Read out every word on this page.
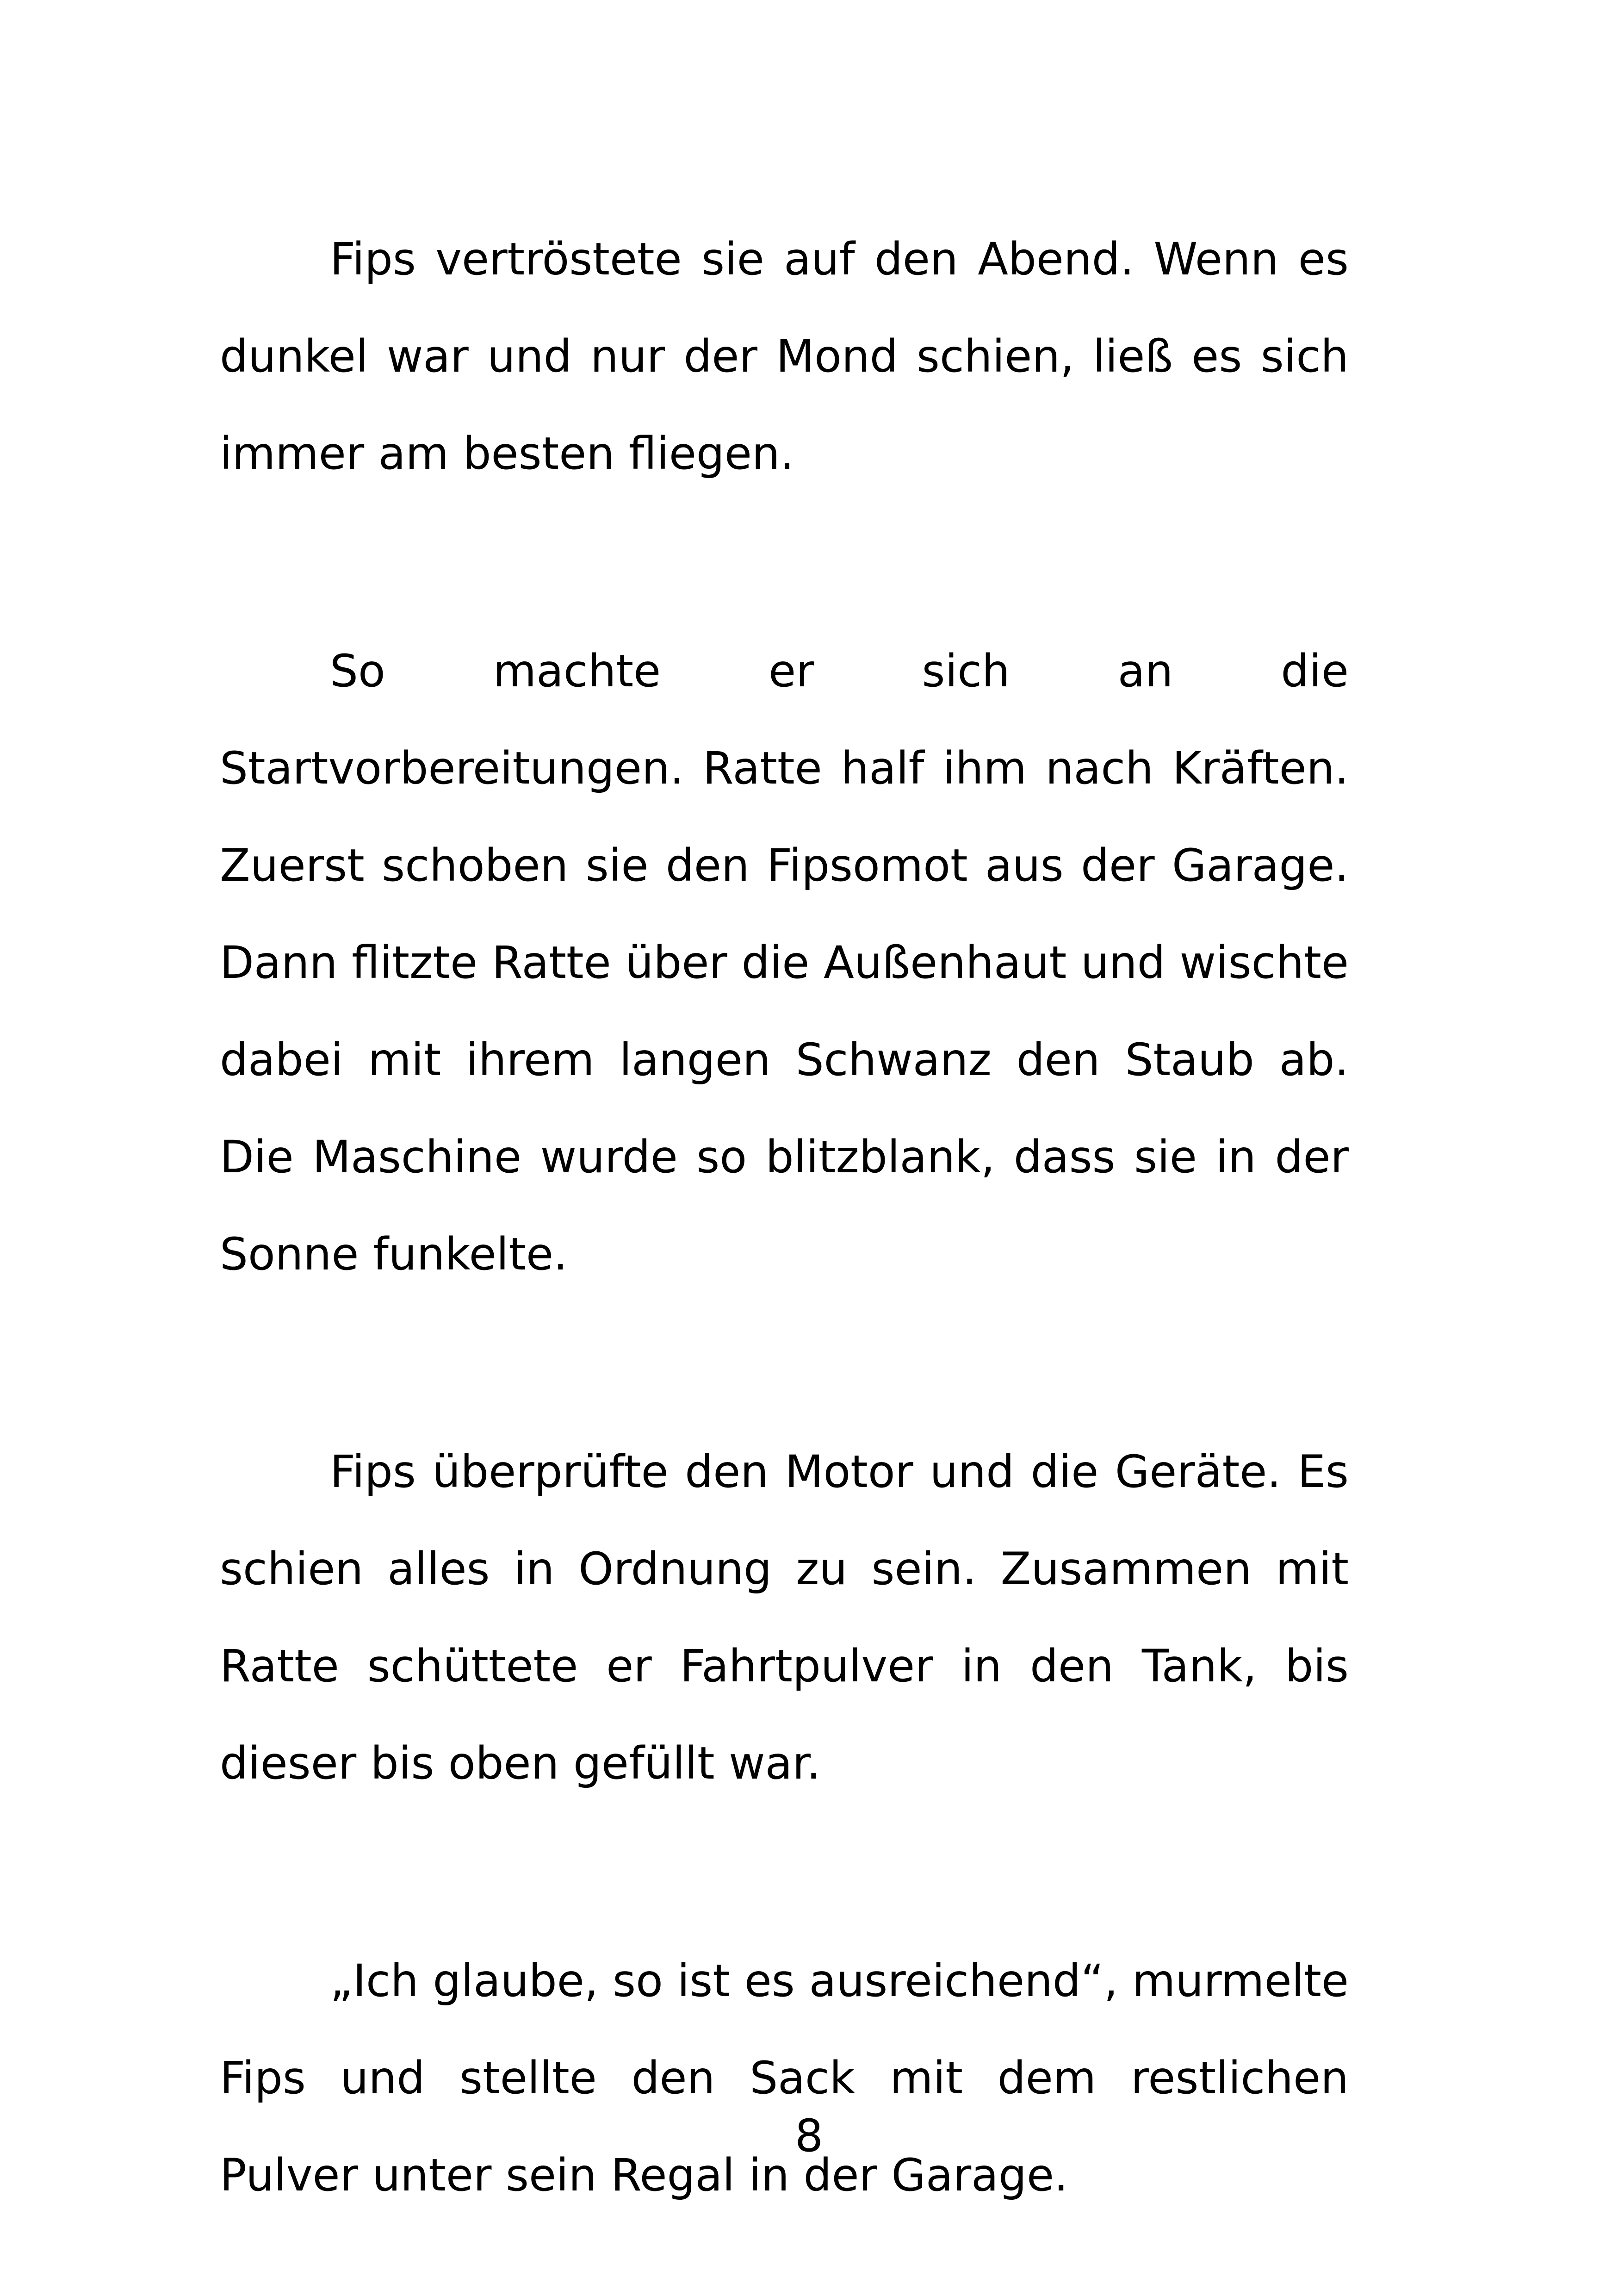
Fips vertröstete sie auf den Abend. Wenn es dunkel war und nur der Mond schien, ließ es sich immer am besten fliegen.

So machte er sich an die Startvorbereitungen. Ratte half ihm nach Kräften. Zuerst schoben sie den Fipsomot aus der Garage. Dann flitzte Ratte über die Außenhaut und wischte dabei mit ihrem langen Schwanz den Staub ab. Die Maschine wurde so blitzblank, dass sie in der Sonne funkelte.

Fips überprüfte den Motor und die Geräte. Es schien alles in Ordnung zu sein. Zusammen mit Ratte schüttete er Fahrtpulver in den Tank, bis dieser bis oben gefüllt war.

„Ich glaube, so ist es ausreichend“, murmelte Fips und stellte den Sack mit dem restlichen Pulver unter sein Regal in der Garage.

8
